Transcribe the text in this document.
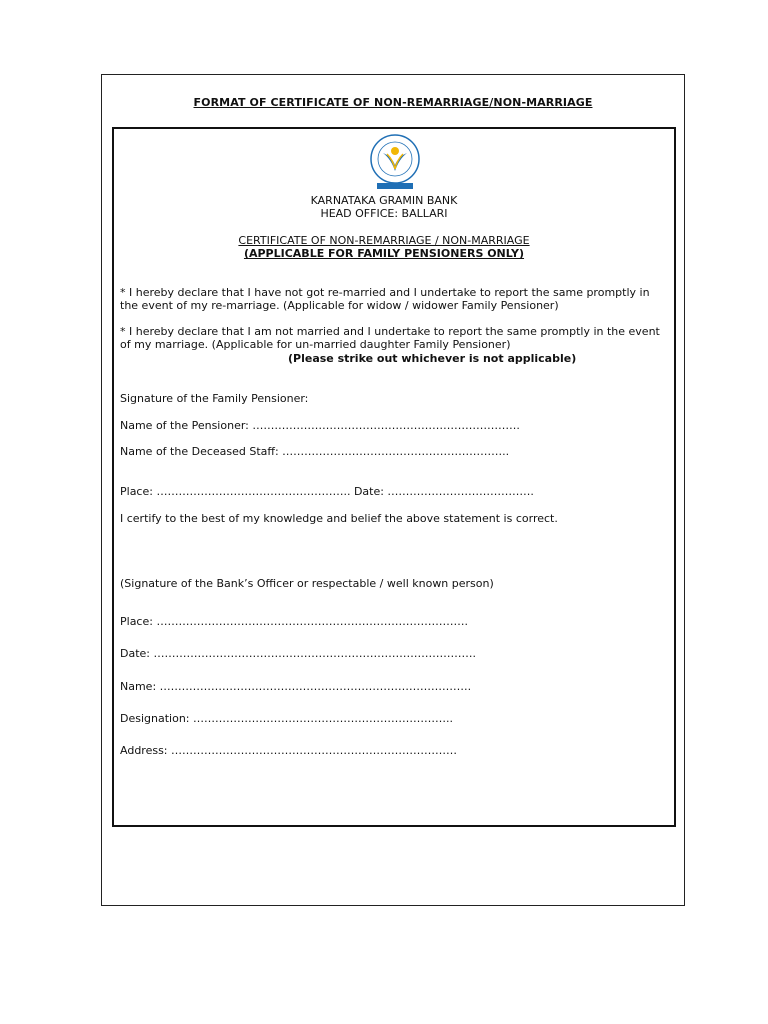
FORMAT OF CERTIFICATE OF NON-REMARRIAGE/NON-MARRIAGE
KARNATAKA GRAMIN BANK
HEAD OFFICE: BALLARI
CERTIFICATE OF NON-REMARRIAGE / NON-MARRIAGE
(APPLICABLE FOR FAMILY PENSIONERS ONLY)
* I hereby declare that I have not got re-married and I undertake to report the same promptly in
the event of my re-marriage. (Applicable for widow / widower Family Pensioner)
* I hereby declare that I am not married and I undertake to report the same promptly in the event
of my marriage. (Applicable for un-married daughter Family Pensioner)
(Please strike out whichever is not applicable)
Signature of the Family Pensioner:
Name of the Pensioner: ……………………………………………………………….
Name of the Deceased Staff: ……………………………………………………..
Place: …………………………………………….. Date: ………………………………….
I certify to the best of my knowledge and belief the above statement is correct.
(Signature of the Bank’s Officer or respectable / well known person)
Place: ………………………………………………………………………….
Date: …………………………………………………………………………….
Name: ………………………………………………………………………….
Designation: ……………………………………………………………..
Address: ……………………………………………………………………
